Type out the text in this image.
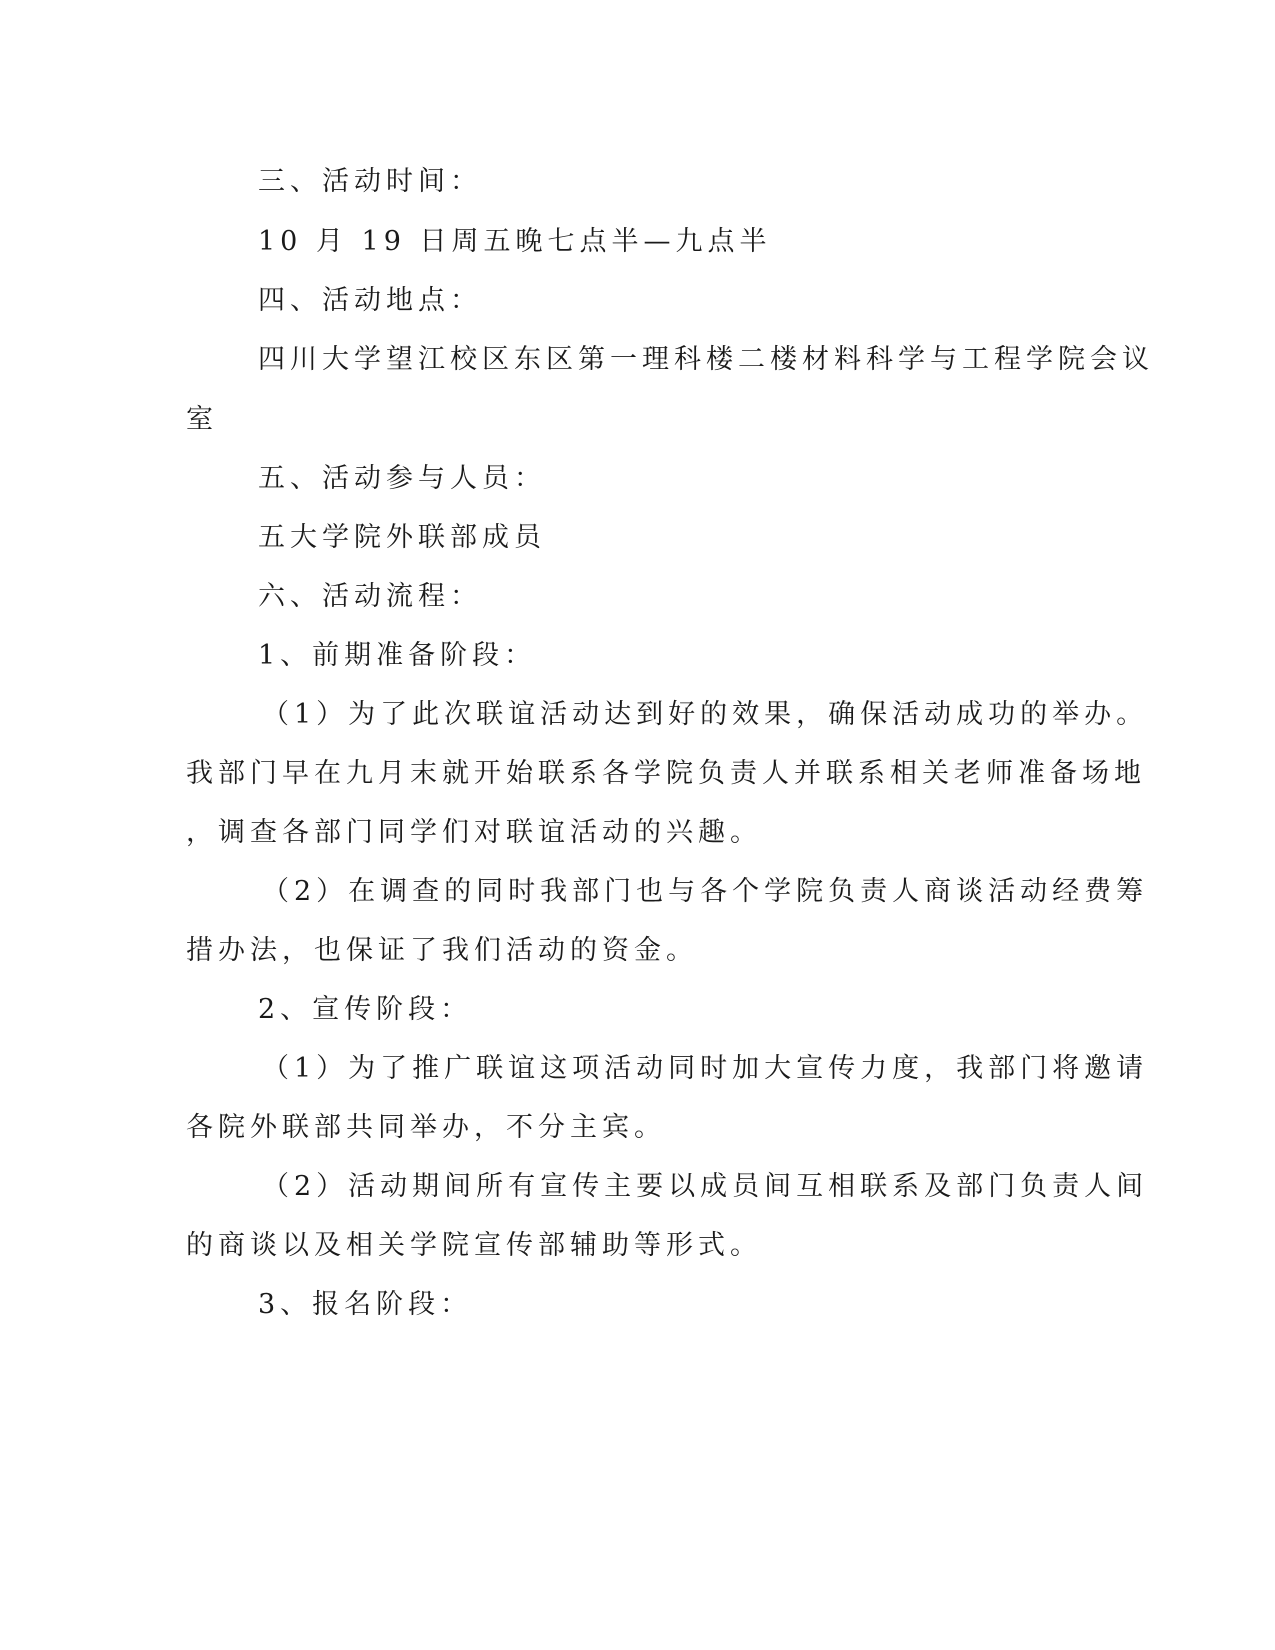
三、活动时间：

10 月 19 日周五晚七点半—九点半

四、活动地点：

四川大学望江校区东区第一理科楼二楼材料科学与工程学院会议

室

五、活动参与人员：

五大学院外联部成员

六、活动流程：

1、前期准备阶段：

（1）为了此次联谊活动达到好的效果，确保活动成功的举办。

我部门早在九月末就开始联系各学院负责人并联系相关老师准备场地

，调查各部门同学们对联谊活动的兴趣。

（2）在调查的同时我部门也与各个学院负责人商谈活动经费筹

措办法，也保证了我们活动的资金。

2、宣传阶段：

（1）为了推广联谊这项活动同时加大宣传力度，我部门将邀请

各院外联部共同举办，不分主宾。

（2）活动期间所有宣传主要以成员间互相联系及部门负责人间

的商谈以及相关学院宣传部辅助等形式。

3、报名阶段：
